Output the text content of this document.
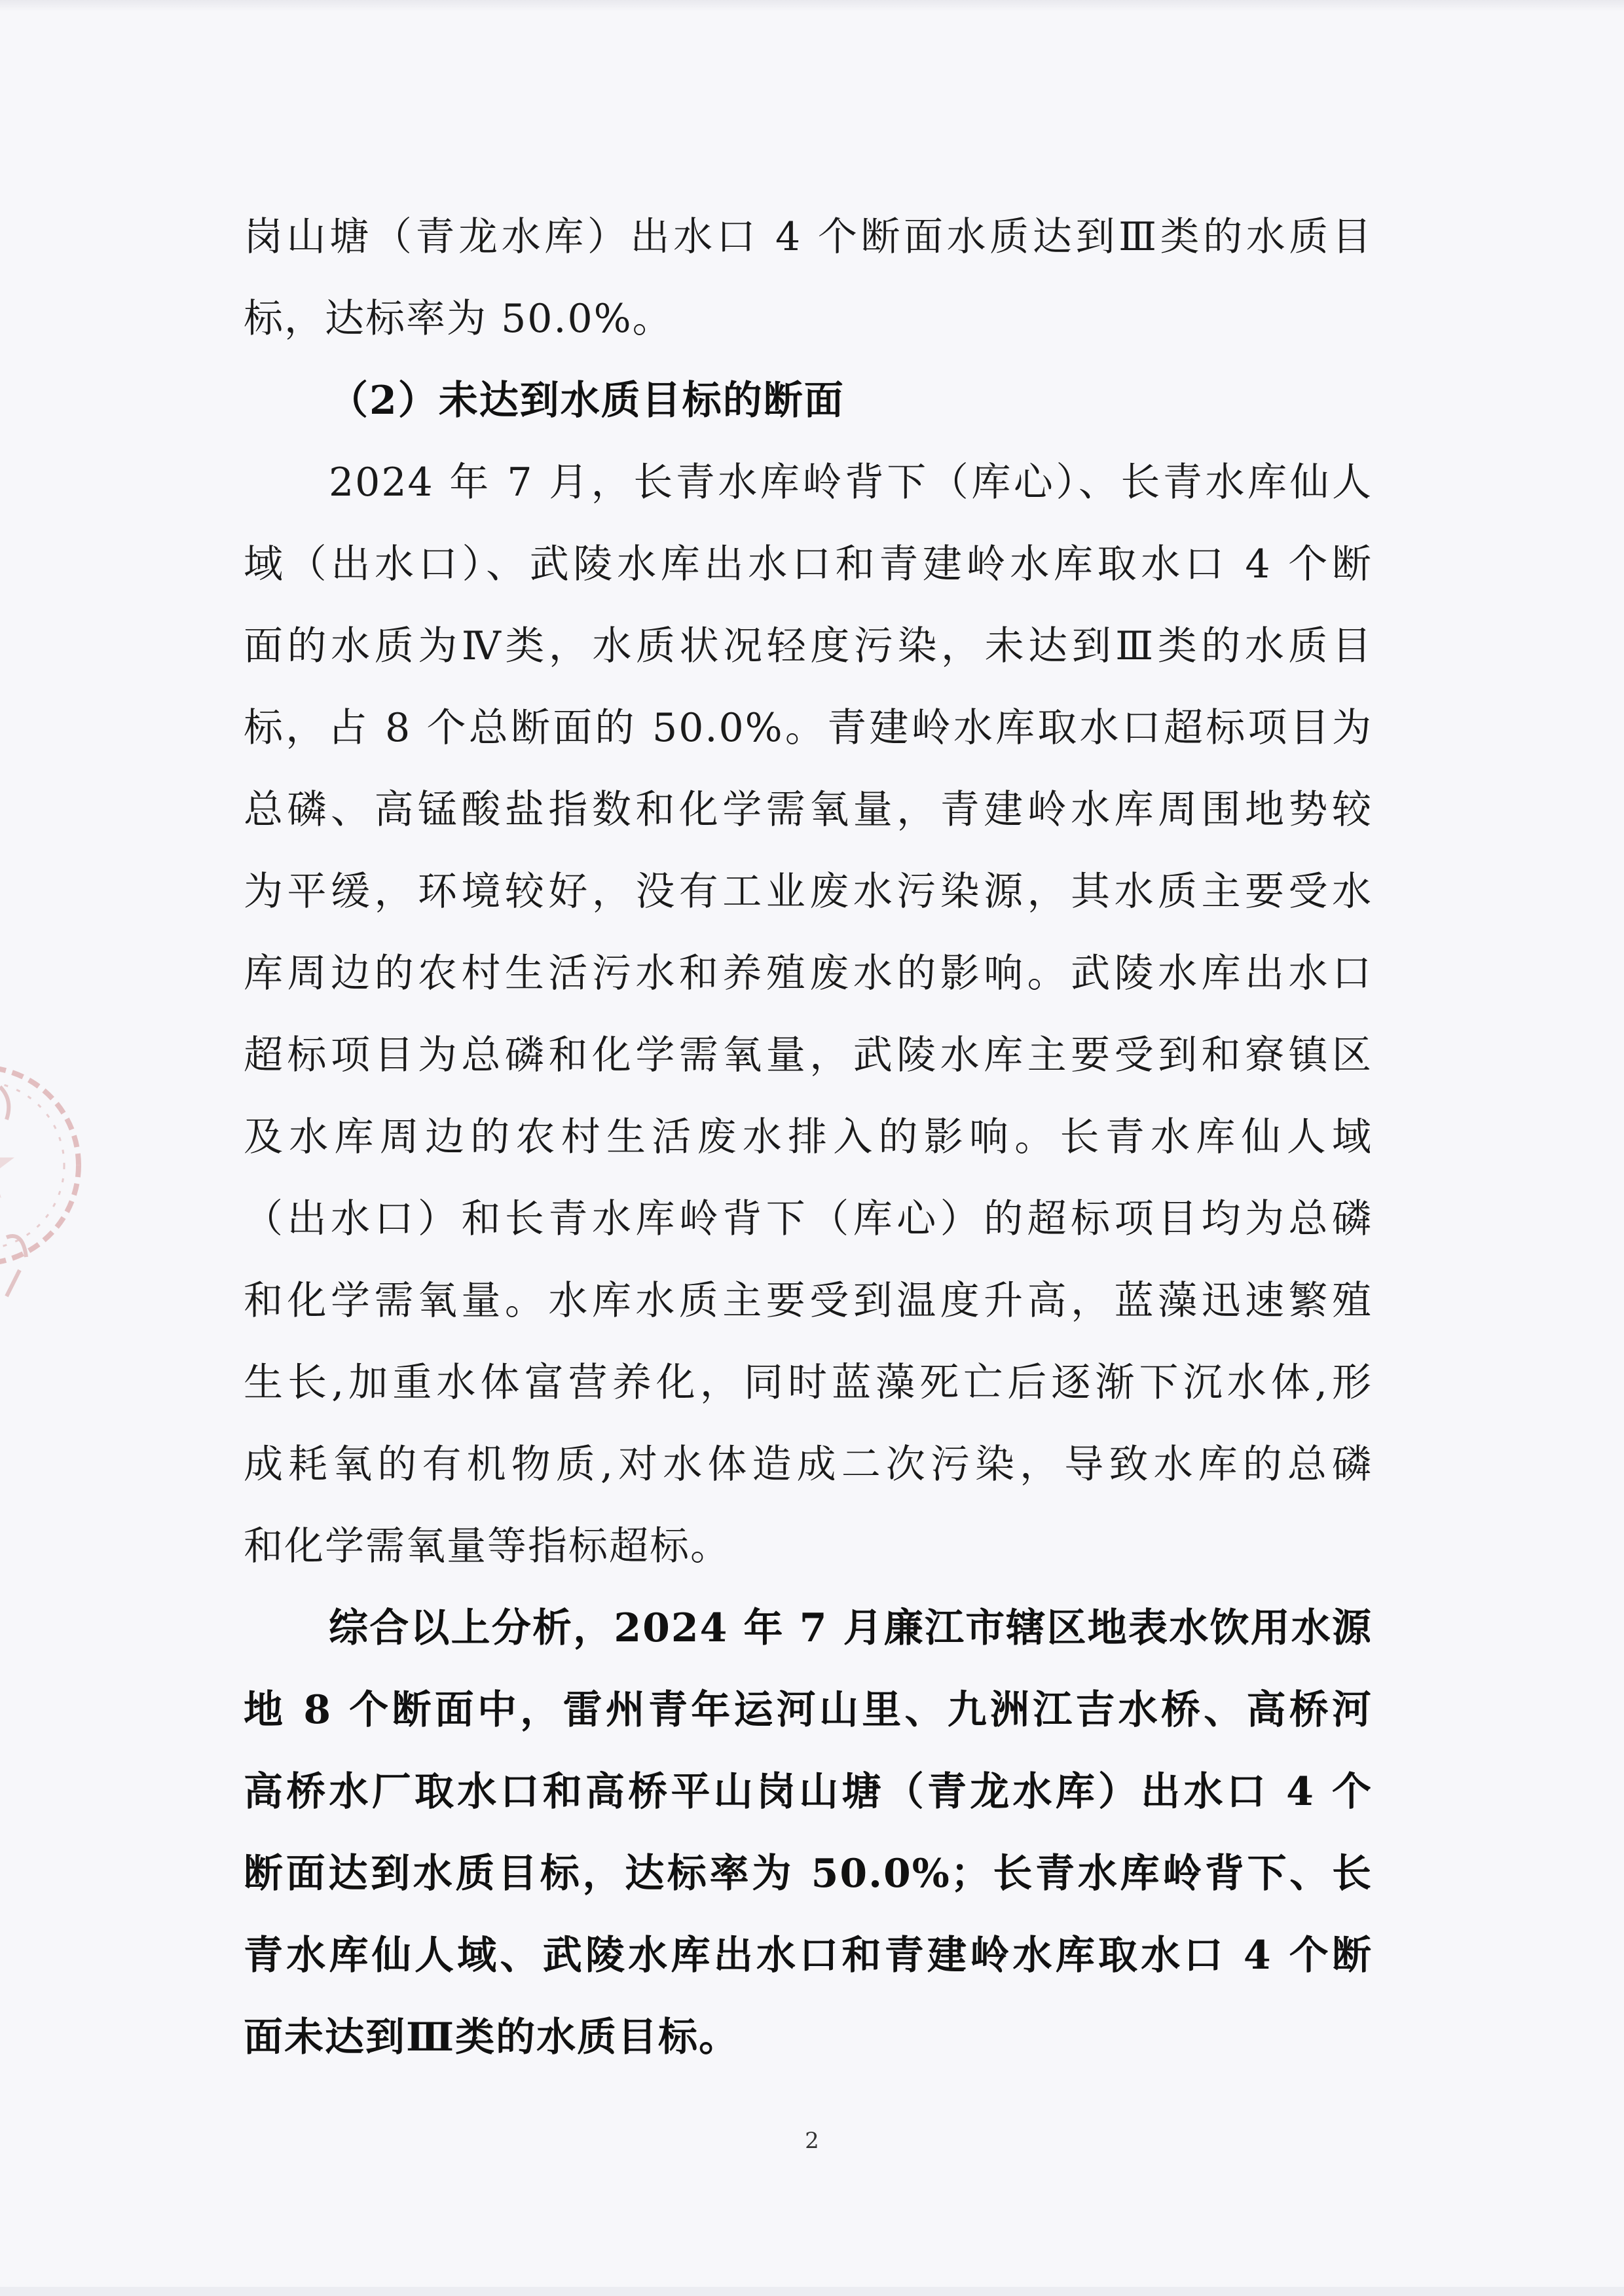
岗山塘（青龙水库）出水口 4 个断面水质达到Ⅲ类的水质目
标，达标率为 50.0%。
（2）未达到水质目标的断面
2024 年 7 月，长青水库岭背下（库心）、长青水库仙人
域（出水口）、武陵水库出水口和青建岭水库取水口 4 个断
面的水质为Ⅳ类，水质状况轻度污染，未达到Ⅲ类的水质目
标，占 8 个总断面的 50.0%。青建岭水库取水口超标项目为
总磷、高锰酸盐指数和化学需氧量，青建岭水库周围地势较
为平缓，环境较好，没有工业废水污染源，其水质主要受水
库周边的农村生活污水和养殖废水的影响。武陵水库出水口
超标项目为总磷和化学需氧量，武陵水库主要受到和寮镇区
及水库周边的农村生活废水排入的影响。长青水库仙人域
（出水口）和长青水库岭背下（库心）的超标项目均为总磷
和化学需氧量。水库水质主要受到温度升高，蓝藻迅速繁殖
生长,加重水体富营养化，同时蓝藻死亡后逐渐下沉水体,形
成耗氧的有机物质,对水体造成二次污染，导致水库的总磷
和化学需氧量等指标超标。
综合以上分析，2024 年 7 月廉江市辖区地表水饮用水源
地 8 个断面中，雷州青年运河山里、九洲江吉水桥、高桥河
高桥水厂取水口和高桥平山岗山塘（青龙水库）出水口 4 个
断面达到水质目标，达标率为 50.0%；长青水库岭背下、长
青水库仙人域、武陵水库出水口和青建岭水库取水口 4 个断
面未达到Ⅲ类的水质目标。
2
